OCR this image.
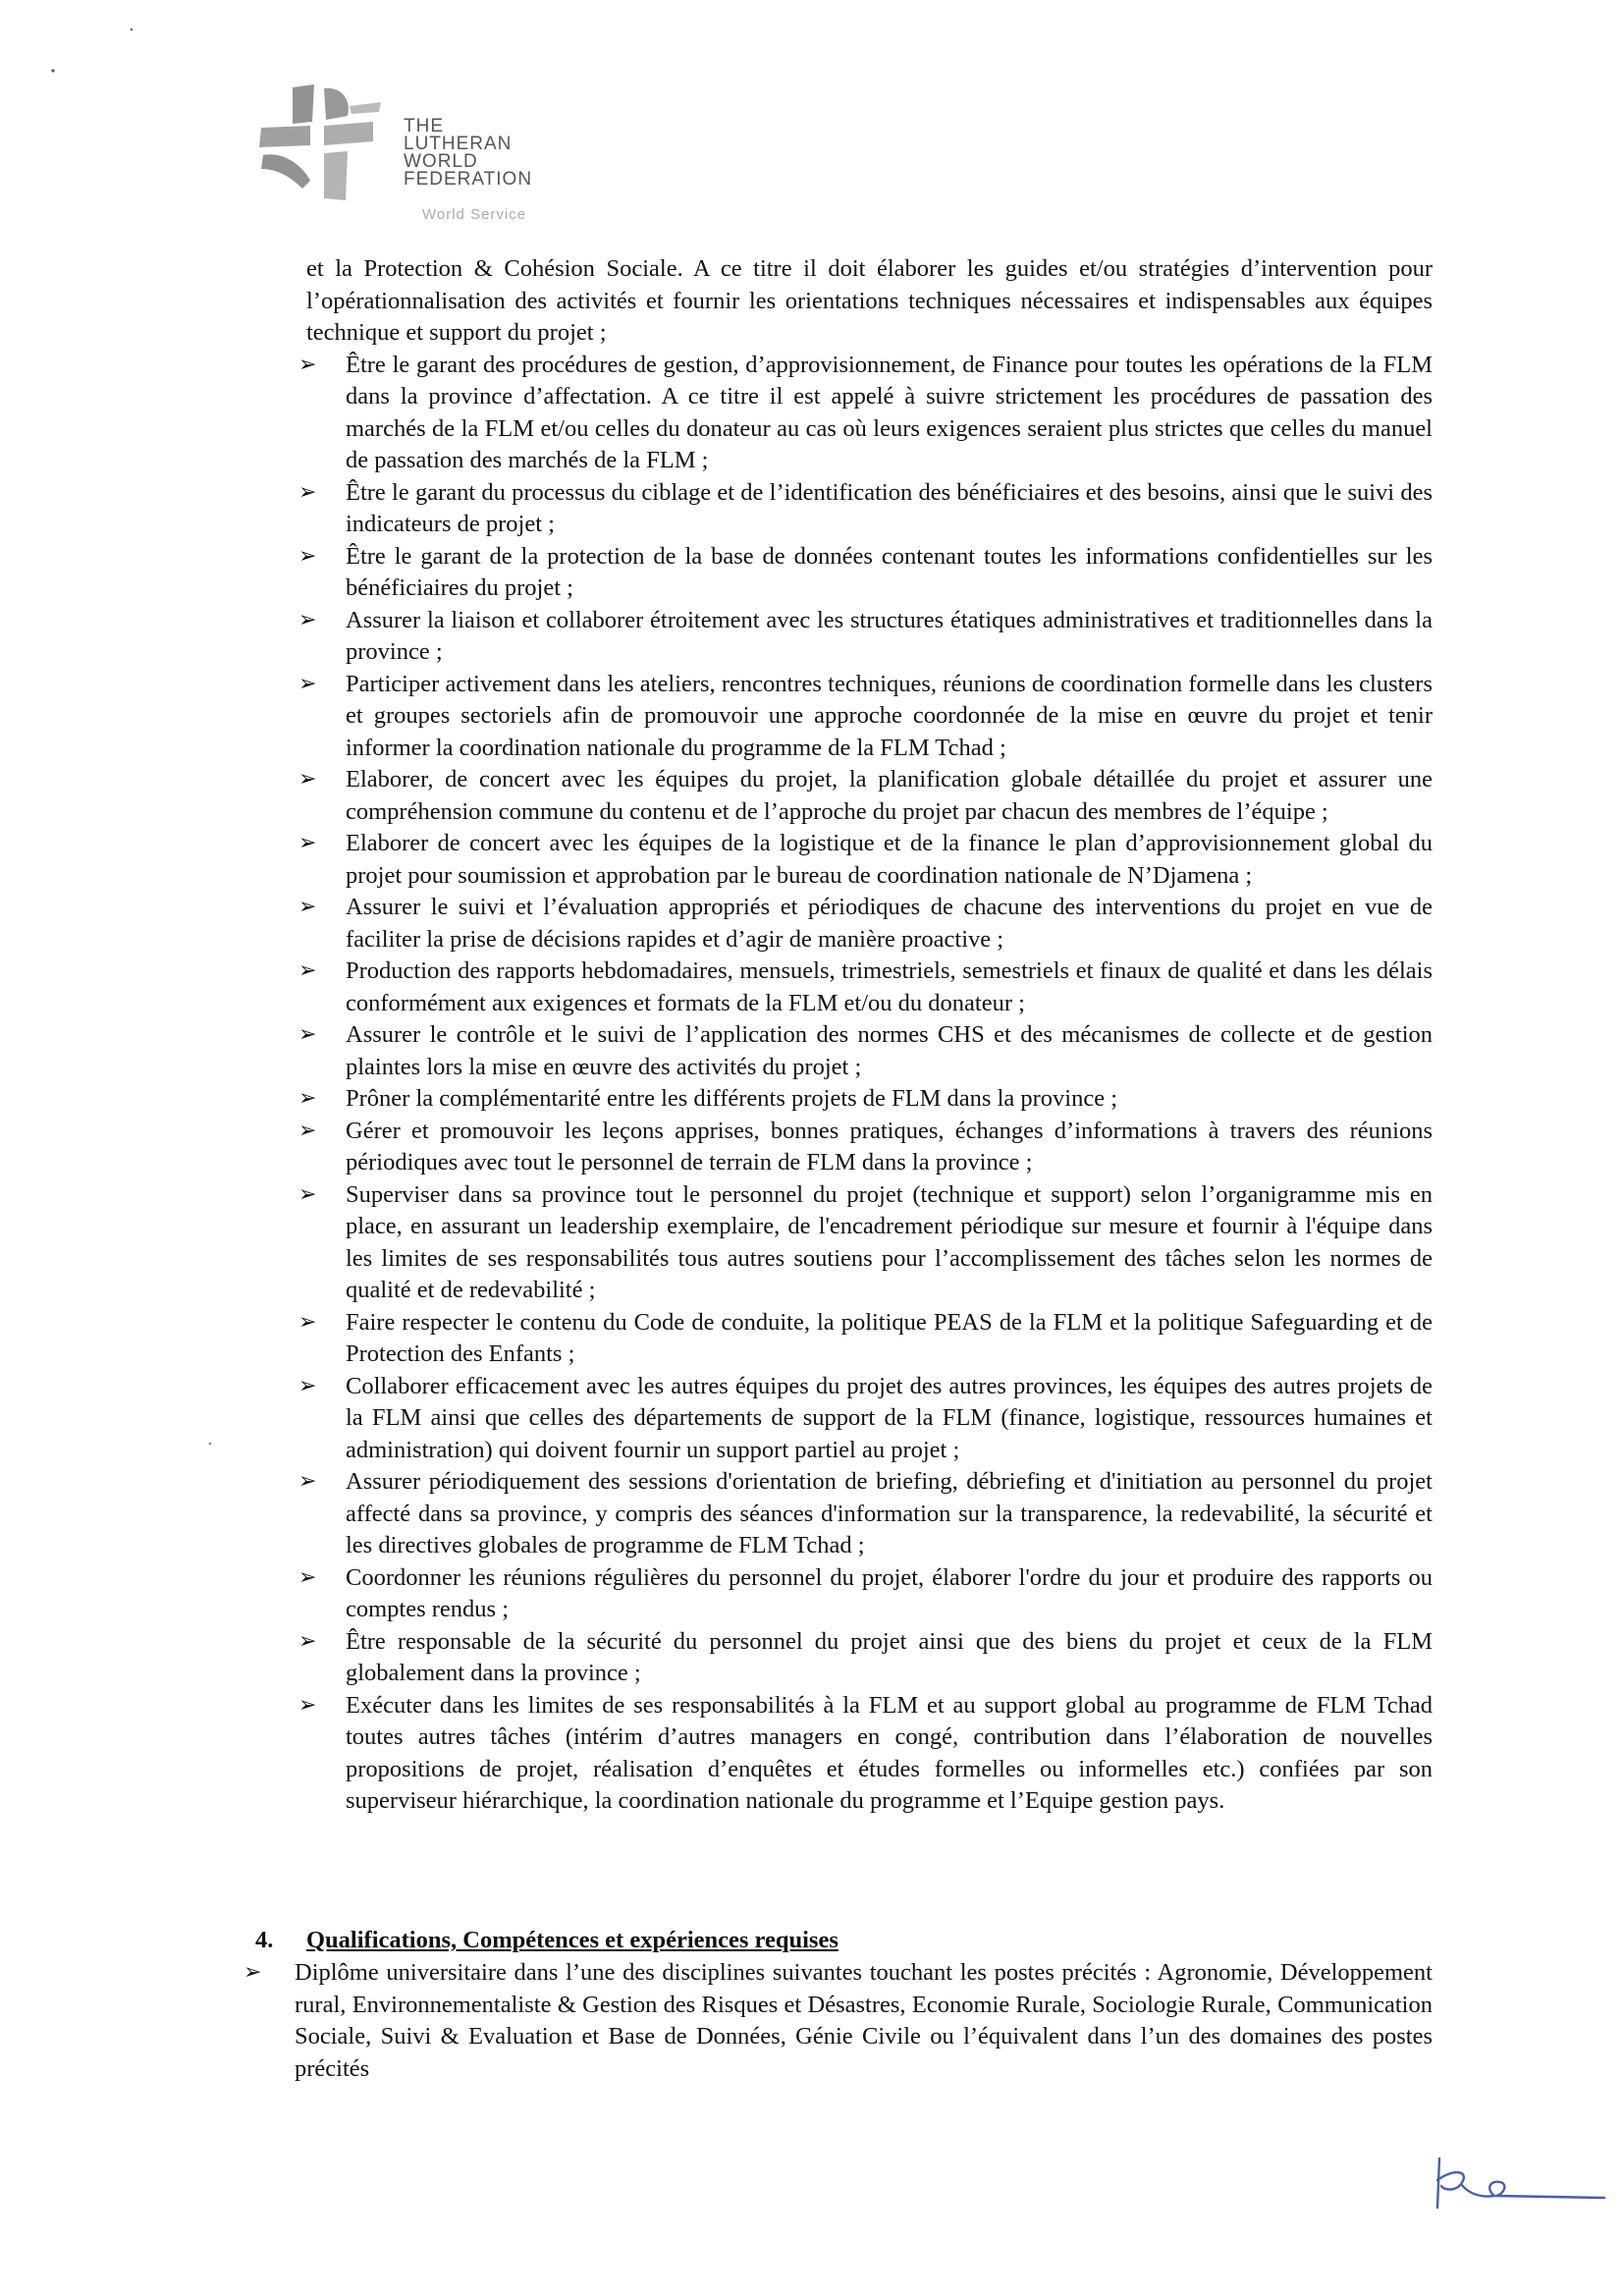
THE
LUTHERAN
WORLD
FEDERATION
World Service
et la Protection & Cohésion Sociale. A ce titre il doit élaborer les guides et/ou stratégies d’intervention pour l’opérationnalisation des activités et fournir les orientations techniques nécessaires et indispensables aux équipes technique et support du projet ;
➢ Être le garant des procédures de gestion, d’approvisionnement, de Finance pour toutes les opérations de la FLM dans la province d’affectation. A ce titre il est appelé à suivre strictement les procédures de passation des marchés de la FLM et/ou celles du donateur au cas où leurs exigences seraient plus strictes que celles du manuel de passation des marchés de la FLM ;
➢ Être le garant du processus du ciblage et de l’identification des bénéficiaires et des besoins, ainsi que le suivi des indicateurs de projet ;
➢ Être le garant de la protection de la base de données contenant toutes les informations confidentielles sur les bénéficiaires du projet ;
➢ Assurer la liaison et collaborer étroitement avec les structures étatiques administratives et traditionnelles dans la province ;
➢ Participer activement dans les ateliers, rencontres techniques, réunions de coordination formelle dans les clusters et groupes sectoriels afin de promouvoir une approche coordonnée de la mise en œuvre du projet et tenir informer la coordination nationale du programme de la FLM Tchad ;
➢ Elaborer, de concert avec les équipes du projet, la planification globale détaillée du projet et assurer une compréhension commune du contenu et de l’approche du projet par chacun des membres de l’équipe ;
➢ Elaborer de concert avec les équipes de la logistique et de la finance le plan d’approvisionnement global du projet pour soumission et approbation par le bureau de coordination nationale de N’Djamena ;
➢ Assurer le suivi et l’évaluation appropriés et périodiques de chacune des interventions du projet en vue de faciliter la prise de décisions rapides et d’agir de manière proactive ;
➢ Production des rapports hebdomadaires, mensuels, trimestriels, semestriels et finaux de qualité et dans les délais conformément aux exigences et formats de la FLM et/ou du donateur ;
➢ Assurer le contrôle et le suivi de l’application des normes CHS et des mécanismes de collecte et de gestion plaintes lors la mise en œuvre des activités du projet ;
➢ Prôner la complémentarité entre les différents projets de FLM dans la province ;
➢ Gérer et promouvoir les leçons apprises, bonnes pratiques, échanges d’informations à travers des réunions périodiques avec tout le personnel de terrain de FLM dans la province ;
➢ Superviser dans sa province tout le personnel du projet (technique et support) selon l’organigramme mis en place, en assurant un leadership exemplaire, de l'encadrement périodique sur mesure et fournir à l'équipe dans les limites de ses responsabilités tous autres soutiens pour l’accomplissement des tâches selon les normes de qualité et de redevabilité ;
➢ Faire respecter le contenu du Code de conduite, la politique PEAS de la FLM et la politique Safeguarding et de Protection des Enfants ;
➢ Collaborer efficacement avec les autres équipes du projet des autres provinces, les équipes des autres projets de la FLM ainsi que celles des départements de support de la FLM (finance, logistique, ressources humaines et administration) qui doivent fournir un support partiel au projet ;
➢ Assurer périodiquement des sessions d'orientation de briefing, débriefing et d'initiation au personnel du projet affecté dans sa province, y compris des séances d'information sur la transparence, la redevabilité, la sécurité et les directives globales de programme de FLM Tchad ;
➢ Coordonner les réunions régulières du personnel du projet, élaborer l'ordre du jour et produire des rapports ou comptes rendus ;
➢ Être responsable de la sécurité du personnel du projet ainsi que des biens du projet et ceux de la FLM globalement dans la province ;
➢ Exécuter dans les limites de ses responsabilités à la FLM et au support global au programme de FLM Tchad toutes autres tâches (intérim d’autres managers en congé, contribution dans l’élaboration de nouvelles propositions de projet, réalisation d’enquêtes et études formelles ou informelles etc.) confiées par son superviseur hiérarchique, la coordination nationale du programme et l’Equipe gestion pays.
4. Qualifications, Compétences et expériences requises
➢ Diplôme universitaire dans l’une des disciplines suivantes touchant les postes précités : Agronomie, Développement rural, Environnementaliste & Gestion des Risques et Désastres, Economie Rurale, Sociologie Rurale, Communication Sociale, Suivi & Evaluation et Base de Données, Génie Civile ou l’équivalent dans l’un des domaines des postes précités
